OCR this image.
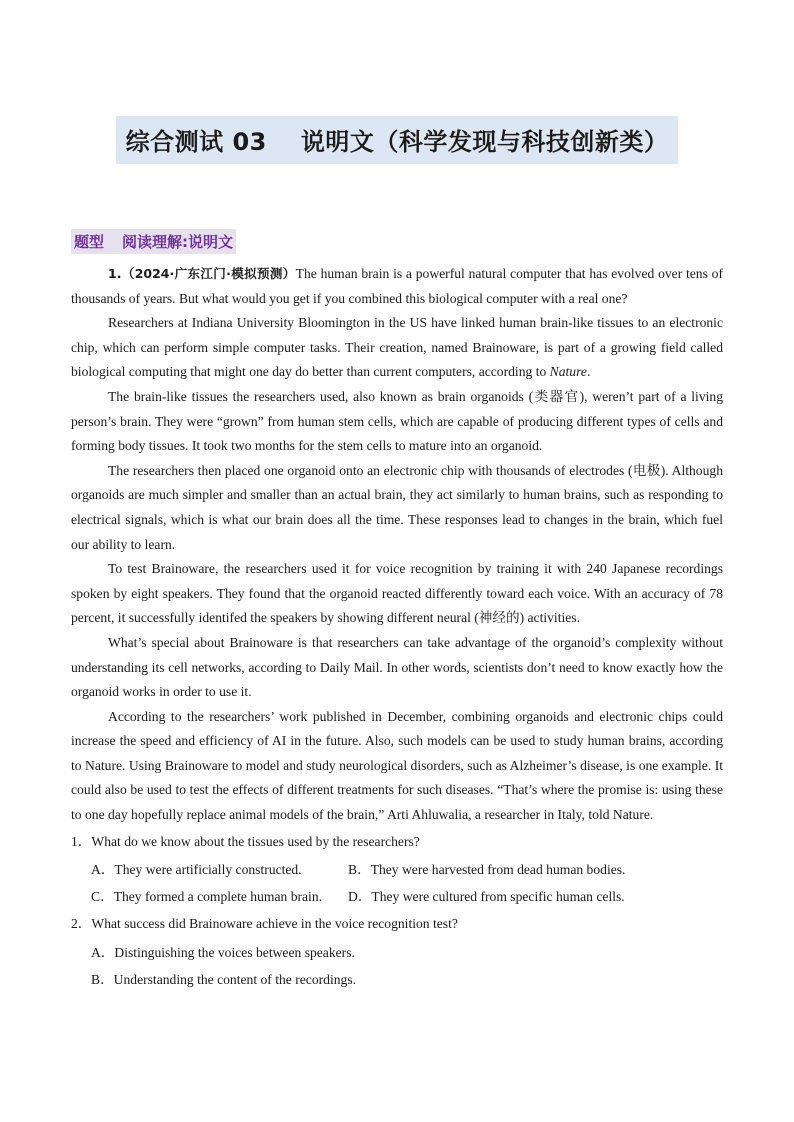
综合测试 03 说明文（科学发现与科技创新类）
题型 阅读理解:说明文

1.（2024·广东江门·模拟预测）The human brain is a powerful natural computer that has evolved over tens of thousands of years. But what would you get if you combined this biological computer with a real one?

Researchers at Indiana University Bloomington in the US have linked human brain-like tissues to an electronic chip, which can perform simple computer tasks. Their creation, named Brainoware, is part of a growing field called biological computing that might one day do better than current computers, according to Nature.

The brain-like tissues the researchers used, also known as brain organoids (类器官), weren’t part of a living person’s brain. They were “grown” from human stem cells, which are capable of producing different types of cells and forming body tissues. It took two months for the stem cells to mature into an organoid.

The researchers then placed one organoid onto an electronic chip with thousands of electrodes (电极). Although organoids are much simpler and smaller than an actual brain, they act similarly to human brains, such as responding to electrical signals, which is what our brain does all the time. These responses lead to changes in the brain, which fuel our ability to learn.

To test Brainoware, the researchers used it for voice recognition by training it with 240 Japanese recordings spoken by eight speakers. They found that the organoid reacted differently toward each voice. With an accuracy of 78 percent, it successfully identifed the speakers by showing different neural (神经的) activities.

What’s special about Brainoware is that researchers can take advantage of the organoid’s complexity without understanding its cell networks, according to Daily Mail. In other words, scientists don’t need to know exactly how the organoid works in order to use it.

According to the researchers’ work published in December, combining organoids and electronic chips could increase the speed and efficiency of AI in the future. Also, such models can be used to study human brains, according to Nature. Using Brainoware to model and study neurological disorders, such as Alzheimer’s disease, is one example. It could also be used to test the effects of different treatments for such diseases. “That’s where the promise is: using these to one day hopefully replace animal models of the brain,” Arti Ahluwalia, a researcher in Italy, told Nature.

1．What do we know about the tissues used by the researchers?

A．They were artificially constructed.	B．They were harvested from dead human bodies.
C．They formed a complete human brain.	D．They were cultured from specific human cells.

2．What success did Brainoware achieve in the voice recognition test?

A．Distinguishing the voices between speakers.
B．Understanding the content of the recordings.
